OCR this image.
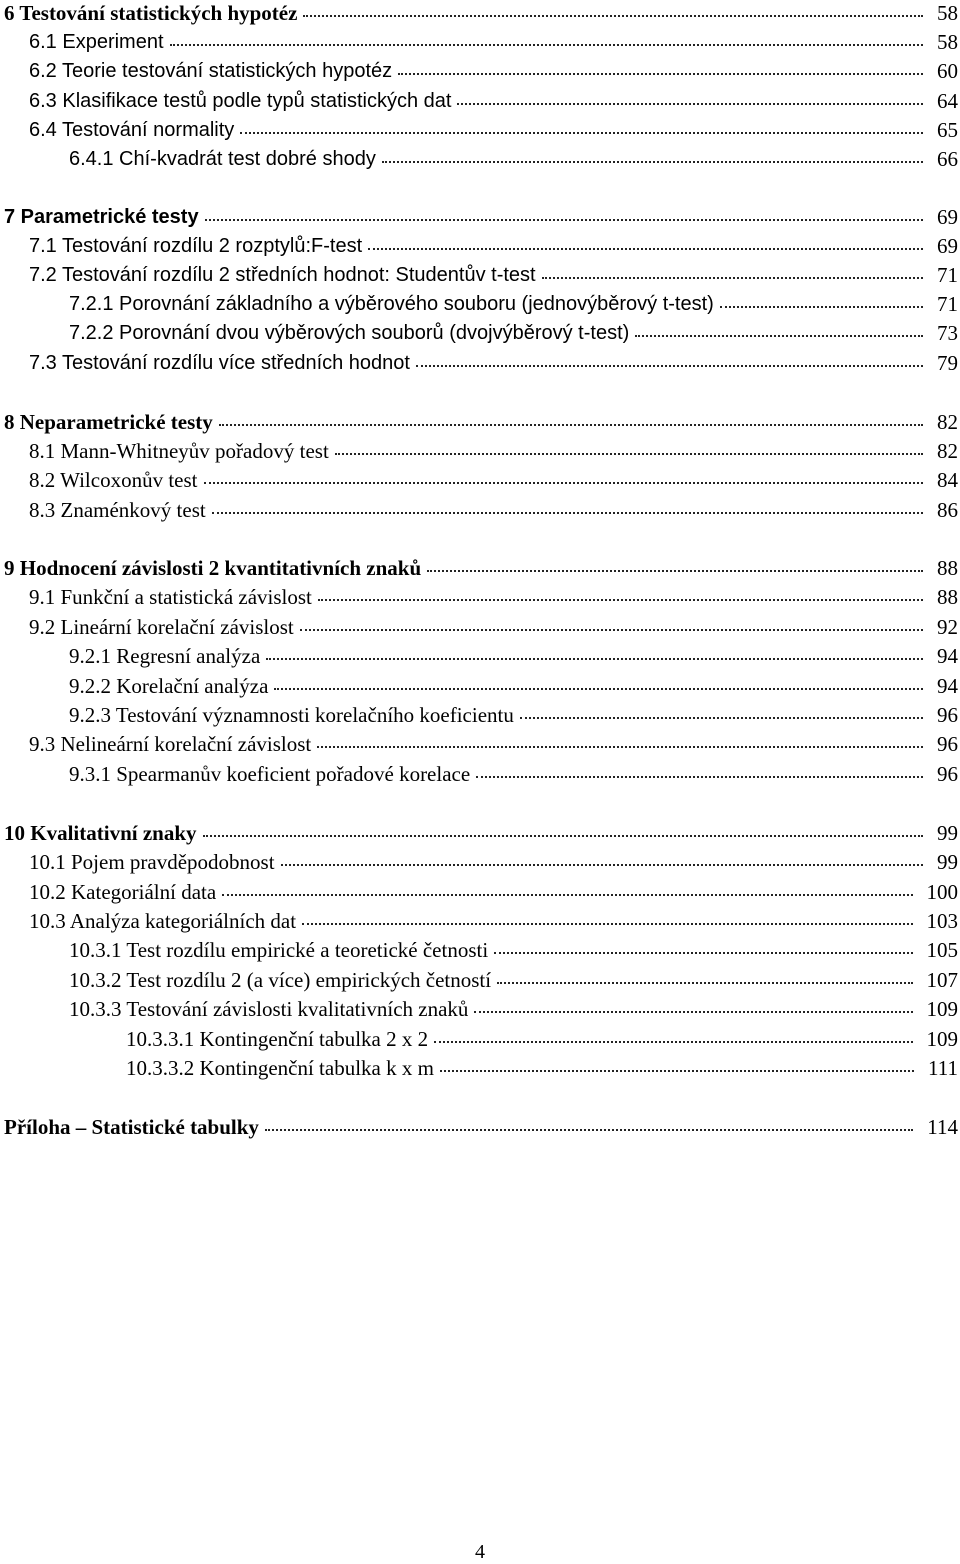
6 Testování statistických hypotéz	58
6.1 Experiment	58
6.2 Teorie testování statistických hypotéz	60
6.3 Klasifikace testů podle typů statistických dat	64
6.4 Testování normality	65
6.4.1 Chí-kvadrát test dobré shody	66
7 Parametrické testy	69
7.1 Testování rozdílu 2 rozptylů:F-test	69
7.2 Testování rozdílu 2 středních hodnot: Studentův t-test	71
7.2.1 Porovnání základního a výběrového souboru (jednovýběrový t-test)	71
7.2.2 Porovnání dvou výběrových souborů (dvojvýběrový t-test)	73
7.3 Testování rozdílu více středních hodnot	79
8 Neparametrické testy	82
8.1 Mann-Whitneyův pořadový test	82
8.2 Wilcoxonův test	84
8.3 Znaménkový test	86
9 Hodnocení závislosti 2 kvantitativních znaků	88
9.1 Funkční a statistická závislost	88
9.2 Lineární korelační závislost	92
9.2.1 Regresní analýza	94
9.2.2 Korelační analýza	94
9.2.3 Testování významnosti korelačního koeficientu	96
9.3 Nelineární korelační závislost	96
9.3.1 Spearmanův koeficient pořadové korelace	96
10 Kvalitativní znaky	99
10.1 Pojem pravděpodobnost	99
10.2 Kategoriální data	100
10.3 Analýza kategoriálních dat	103
10.3.1 Test rozdílu empirické a teoretické četnosti	105
10.3.2 Test rozdílu 2 (a více) empirických četností	107
10.3.3 Testování závislosti kvalitativních znaků	109
10.3.3.1 Kontingenční tabulka 2 x 2	109
10.3.3.2 Kontingenční tabulka k x m	111
Příloha – Statistické tabulky	114
4
